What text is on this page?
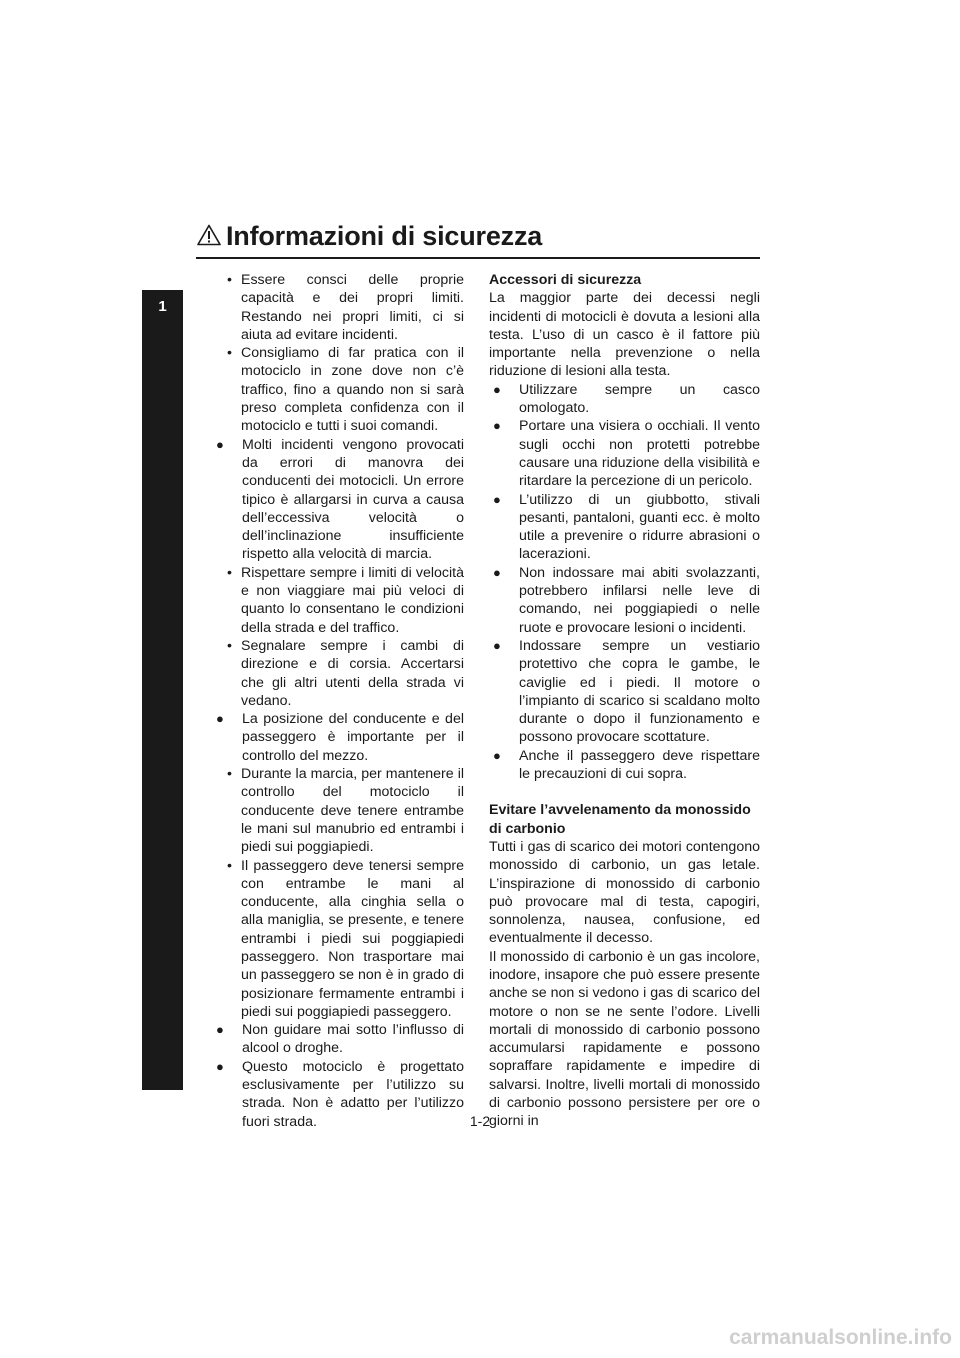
1
Informazioni di sicurezza
• Essere consci delle proprie capacità e dei propri limiti. Restando nei propri limiti, ci si aiuta ad evitare incidenti.
• Consigliamo di far pratica con il motociclo in zone dove non c’è traffico, fino a quando non si sarà preso completa confidenza con il motociclo e tutti i suoi comandi.
● Molti incidenti vengono provocati da errori di manovra dei conducenti dei motocicli. Un errore tipico è allargarsi in curva a causa dell’eccessiva velocità o dell’inclinazione insufficiente rispetto alla velocità di marcia.
• Rispettare sempre i limiti di velocità e non viaggiare mai più veloci di quanto lo consentano le condizioni della strada e del traffico.
• Segnalare sempre i cambi di direzione e di corsia. Accertarsi che gli altri utenti della strada vi vedano.
● La posizione del conducente e del passeggero è importante per il controllo del mezzo.
• Durante la marcia, per mantenere il controllo del motociclo il conducente deve tenere entrambe le mani sul manubrio ed entrambi i piedi sui poggiapiedi.
• Il passeggero deve tenersi sempre con entrambe le mani al conducente, alla cinghia sella o alla maniglia, se presente, e tenere entrambi i piedi sui poggiapiedi passeggero. Non trasportare mai un passeggero se non è in grado di posizionare fermamente entrambi i piedi sui poggiapiedi passeggero.
● Non guidare mai sotto l’influsso di alcool o droghe.
● Questo motociclo è progettato esclusivamente per l’utilizzo su strada. Non è adatto per l’utilizzo fuori strada.
Accessori di sicurezza
La maggior parte dei decessi negli incidenti di motocicli è dovuta a lesioni alla testa. L’uso di un casco è il fattore più importante nella prevenzione o nella riduzione di lesioni alla testa.
● Utilizzare sempre un casco omologato.
● Portare una visiera o occhiali. Il vento sugli occhi non protetti potrebbe causare una riduzione della visibilità e ritardare la percezione di un pericolo.
● L’utilizzo di un giubbotto, stivali pesanti, pantaloni, guanti ecc. è molto utile a prevenire o ridurre abrasioni o lacerazioni.
● Non indossare mai abiti svolazzanti, potrebbero infilarsi nelle leve di comando, nei poggiapiedi o nelle ruote e provocare lesioni o incidenti.
● Indossare sempre un vestiario protettivo che copra le gambe, le caviglie ed i piedi. Il motore o l’impianto di scarico si scaldano molto durante o dopo il funzionamento e possono provocare scottature.
● Anche il passeggero deve rispettare le precauzioni di cui sopra.
Evitare l’avvelenamento da monossido di carbonio
Tutti i gas di scarico dei motori contengono monossido di carbonio, un gas letale. L’inspirazione di monossido di carbonio può provocare mal di testa, capogiri, sonnolenza, nausea, confusione, ed eventualmente il decesso.
Il monossido di carbonio è un gas incolore, inodore, insapore che può essere presente anche se non si vedono i gas di scarico del motore o non se ne sente l’odore. Livelli mortali di monossido di carbonio possono accumularsi rapidamente e possono sopraffare rapidamente e impedire di salvarsi. Inoltre, livelli mortali di monossido di carbonio possono persistere per ore o giorni in
1-2
carmanualsonline.info
